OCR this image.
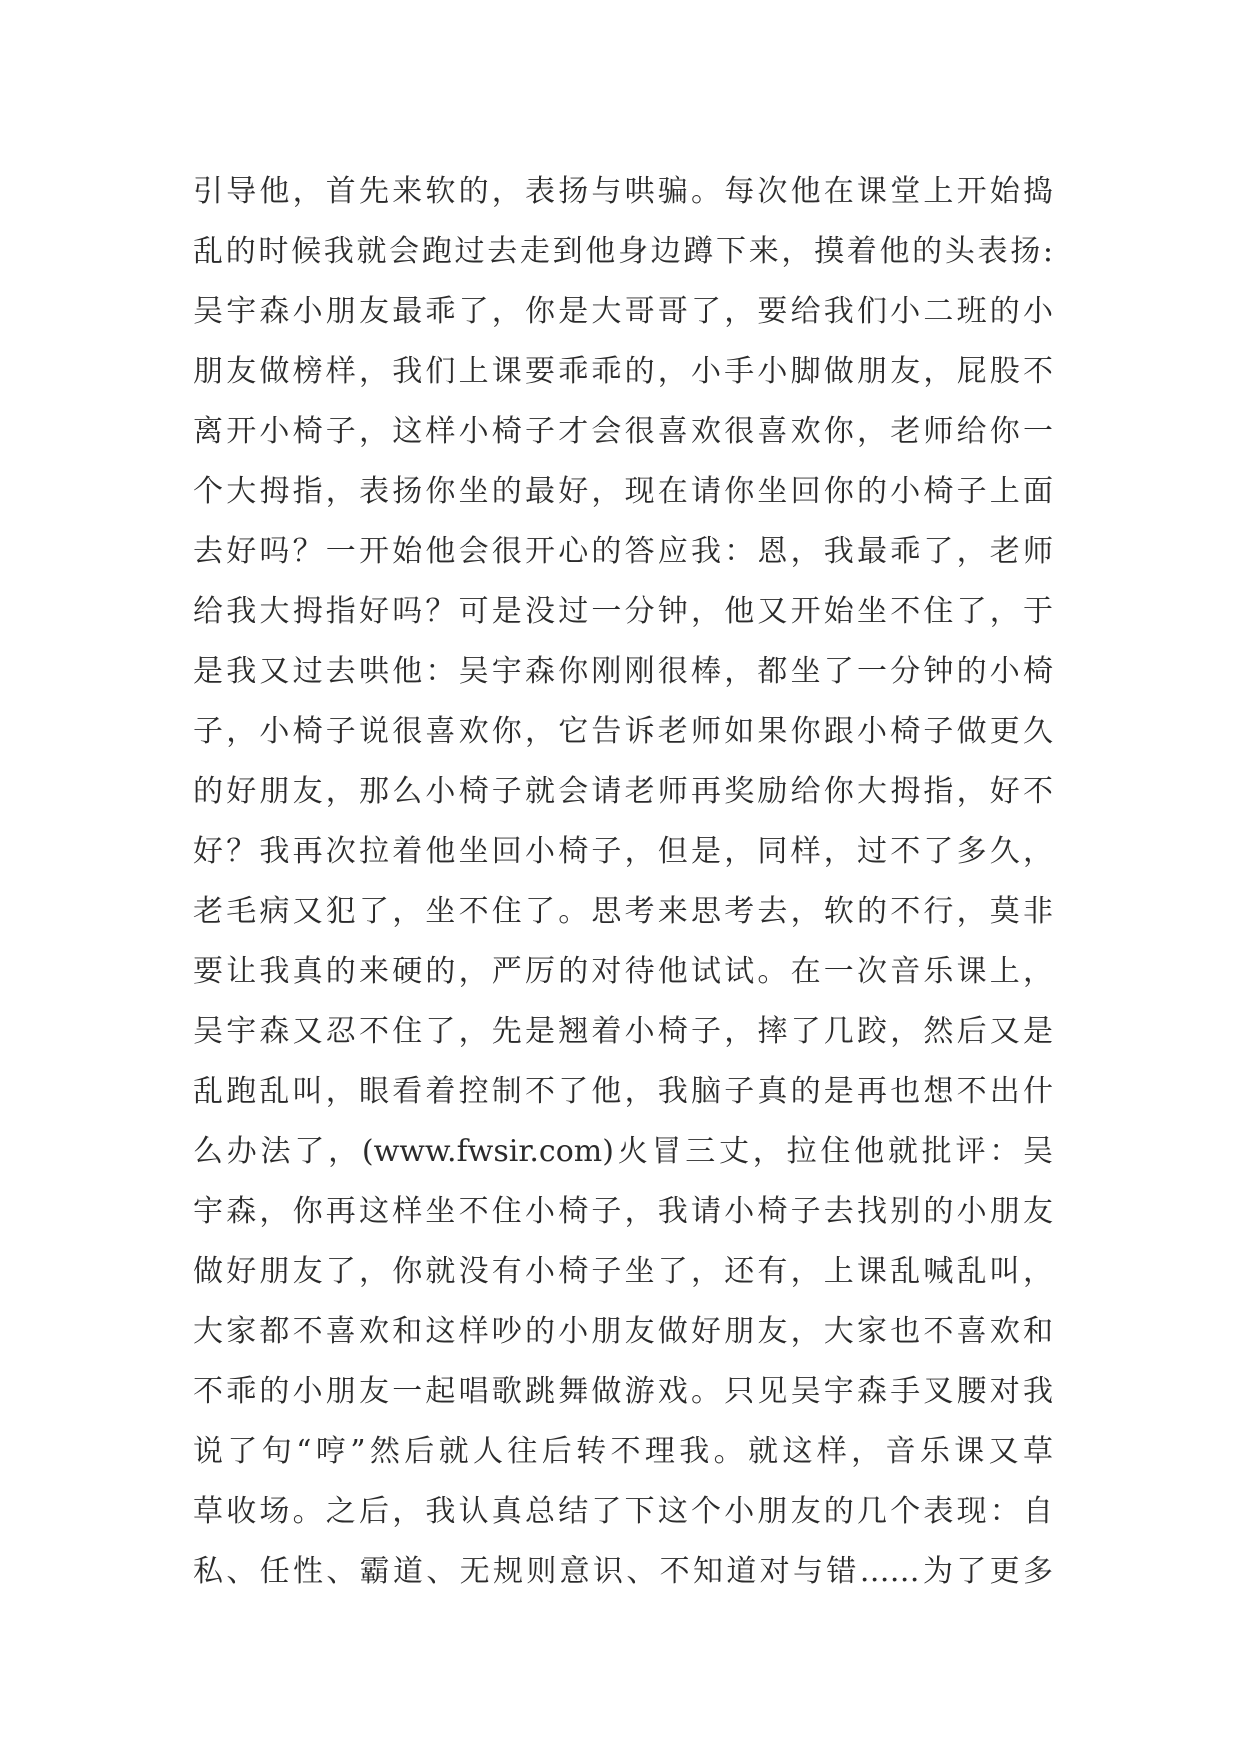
引导他，首先来软的，表扬与哄骗。每次他在课堂上开始捣
乱的时候我就会跑过去走到他身边蹲下来，摸着他的头表扬:
吴宇森小朋友最乖了，你是大哥哥了，要给我们小二班的小
朋友做榜样，我们上课要乖乖的，小手小脚做朋友，屁股不
离开小椅子，这样小椅子才会很喜欢很喜欢你，老师给你一
个大拇指，表扬你坐的最好，现在请你坐回你的小椅子上面
去好吗？一开始他会很开心的答应我：恩，我最乖了，老师
给我大拇指好吗？可是没过一分钟，他又开始坐不住了，于
是我又过去哄他：吴宇森你刚刚很棒，都坐了一分钟的小椅
子，小椅子说很喜欢你，它告诉老师如果你跟小椅子做更久
的好朋友，那么小椅子就会请老师再奖励给你大拇指，好不
好？我再次拉着他坐回小椅子，但是，同样，过不了多久，
老毛病又犯了，坐不住了。思考来思考去，软的不行，莫非
要让我真的来硬的，严厉的对待他试试。在一次音乐课上，
吴宇森又忍不住了，先是翘着小椅子，摔了几跤，然后又是
乱跑乱叫，眼看着控制不了他，我脑子真的是再也想不出什
么办法了，(www.fwsir.com)火冒三丈，拉住他就批评：吴
宇森，你再这样坐不住小椅子，我请小椅子去找别的小朋友
做好朋友了，你就没有小椅子坐了，还有，上课乱喊乱叫，
大家都不喜欢和这样吵的小朋友做好朋友，大家也不喜欢和
不乖的小朋友一起唱歌跳舞做游戏。只见吴宇森手叉腰对我
说了句“哼”然后就人往后转不理我。就这样，音乐课又草
草收场。之后，我认真总结了下这个小朋友的几个表现：自
私、任性、霸道、无规则意识、不知道对与错……为了更多
